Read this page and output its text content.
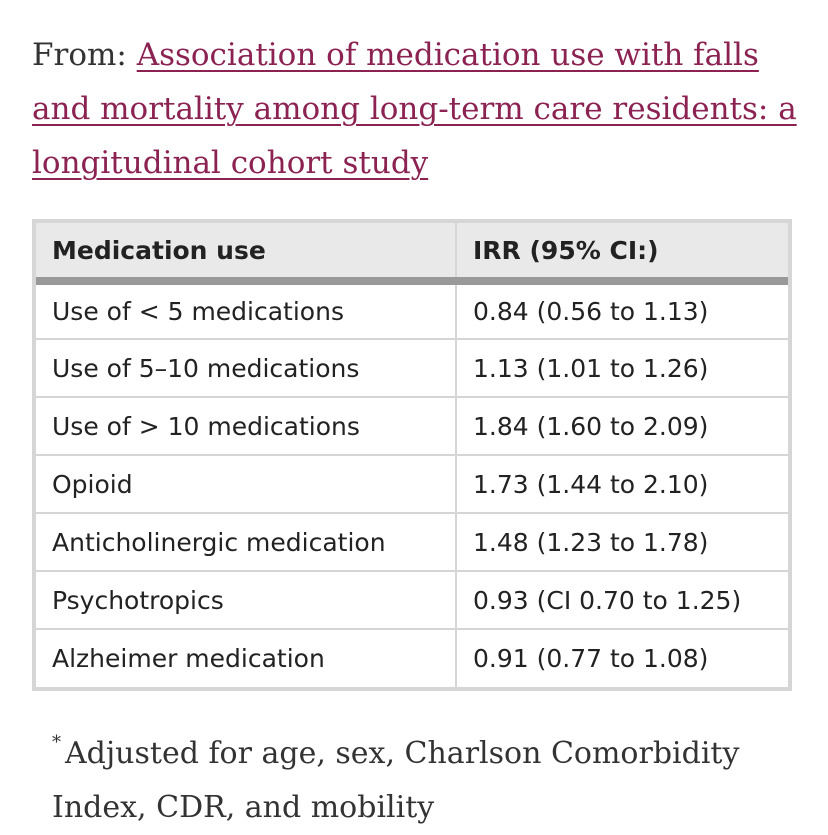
From: Association of medication use with falls and mortality among long-term care residents: a longitudinal cohort study

Medication use	IRR (95% CI:)
Use of < 5 medications	0.84 (0.56 to 1.13)
Use of 5–10 medications	1.13 (1.01 to 1.26)
Use of > 10 medications	1.84 (1.60 to 2.09)
Opioid	1.73 (1.44 to 2.10)
Anticholinergic medication	1.48 (1.23 to 1.78)
Psychotropics	0.93 (CI 0.70 to 1.25)
Alzheimer medication	0.91 (0.77 to 1.08)

* Adjusted for age, sex, Charlson Comorbidity Index, CDR, and mobility
